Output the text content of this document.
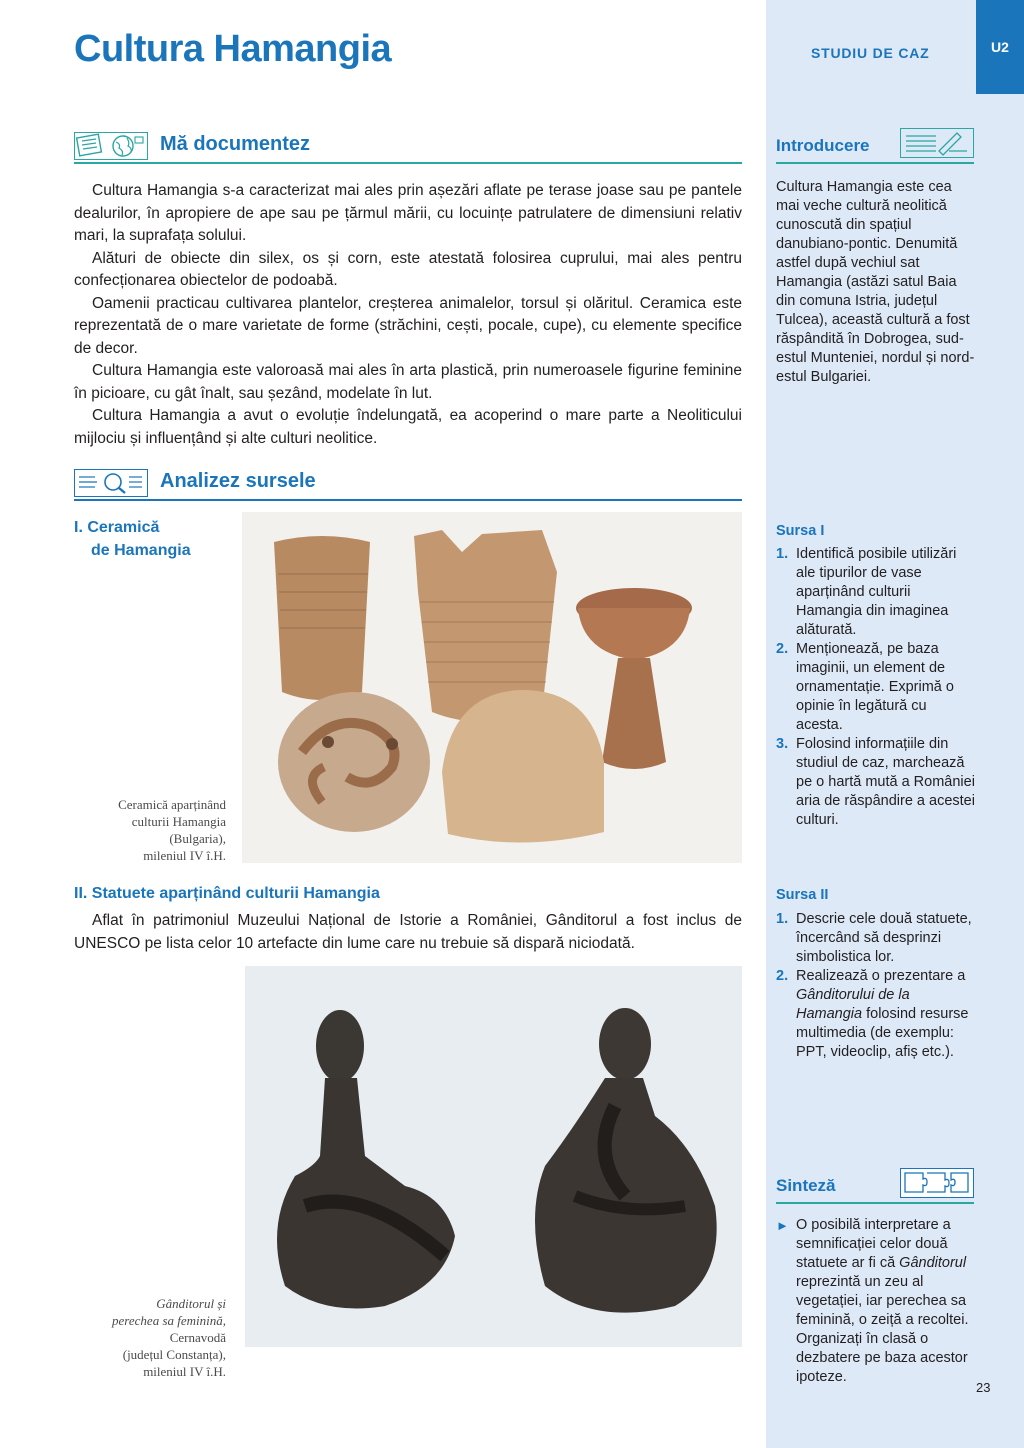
Cultura Hamangia	STUDIU DE CAZ	U2
Mă documentez

Cultura Hamangia s-a caracterizat mai ales prin așezări aflate pe terase joase sau pe pantele dealurilor, în apropiere de ape sau pe țărmul mării, cu locuințe patrulatere de dimensiuni relativ mari, la suprafața solului.

Alături de obiecte din silex, os și corn, este atestată folosirea cuprului, mai ales pentru confecționarea obiectelor de podoabă.

Oamenii practicau cultivarea plantelor, creșterea animalelor, torsul și olăritul. Ceramica este reprezentată de o mare varietate de forme (străchini, cești, pocale, cupe), cu elemente specifice de decor.

Cultura Hamangia este valoroasă mai ales în arta plastică, prin numeroasele figurine feminine în picioare, cu gât înalt, sau șezând, modelate în lut.

Cultura Hamangia a avut o evoluție îndelungată, ea acoperind o mare parte a Neoliticului mijlociu și influențând și alte culturi neolitice.

Analizez sursele
I. Ceramică
de Hamangia
Ceramică aparținând
culturii Hamangia
(Bulgaria),
mileniul IV î.H.
II. Statuete aparținând culturii Hamangia
Aflat în patrimoniul Muzeului Național de Istorie a României, Gânditorul a fost inclus de UNESCO pe lista celor 10 artefacte din lume care nu trebuie să dispară niciodată.
Gânditorul și
perechea sa feminină,
Cernavodă
(județul Constanța),
mileniul IV î.H.
Introducere
Cultura Hamangia este cea mai veche cultură neolitică cunoscută din spațiul danubiano-pontic. Denumită astfel după vechiul sat Hamangia (astăzi satul Baia din comuna Istria, județul Tulcea), această cultură a fost răspândită în Dobrogea, sud-estul Munteniei, nordul și nord-estul Bulgariei.
Sursa I
1. Identifică posibile utilizări ale tipurilor de vase aparținând culturii Hamangia din imaginea alăturată.
2. Menționează, pe baza imaginii, un element de ornamentație. Exprimă o opinie în legătură cu acesta.
3. Folosind informațiile din studiul de caz, marchează pe o hartă mută a României aria de răspândire a acestei culturi.
Sursa II
1. Descrie cele două statuete, încercând să desprinzi simbolistica lor.
2. Realizează o prezentare a Gânditorului de la Hamangia folosind resurse multimedia (de exemplu: PPT, videoclip, afiș etc.).
Sinteză
► O posibilă interpretare a semnificației celor două statuete ar fi că Gânditorul reprezintă un zeu al vegetației, iar perechea sa feminină, o zeiță a recoltei. Organizați în clasă o dezbatere pe baza acestor ipoteze.
23
